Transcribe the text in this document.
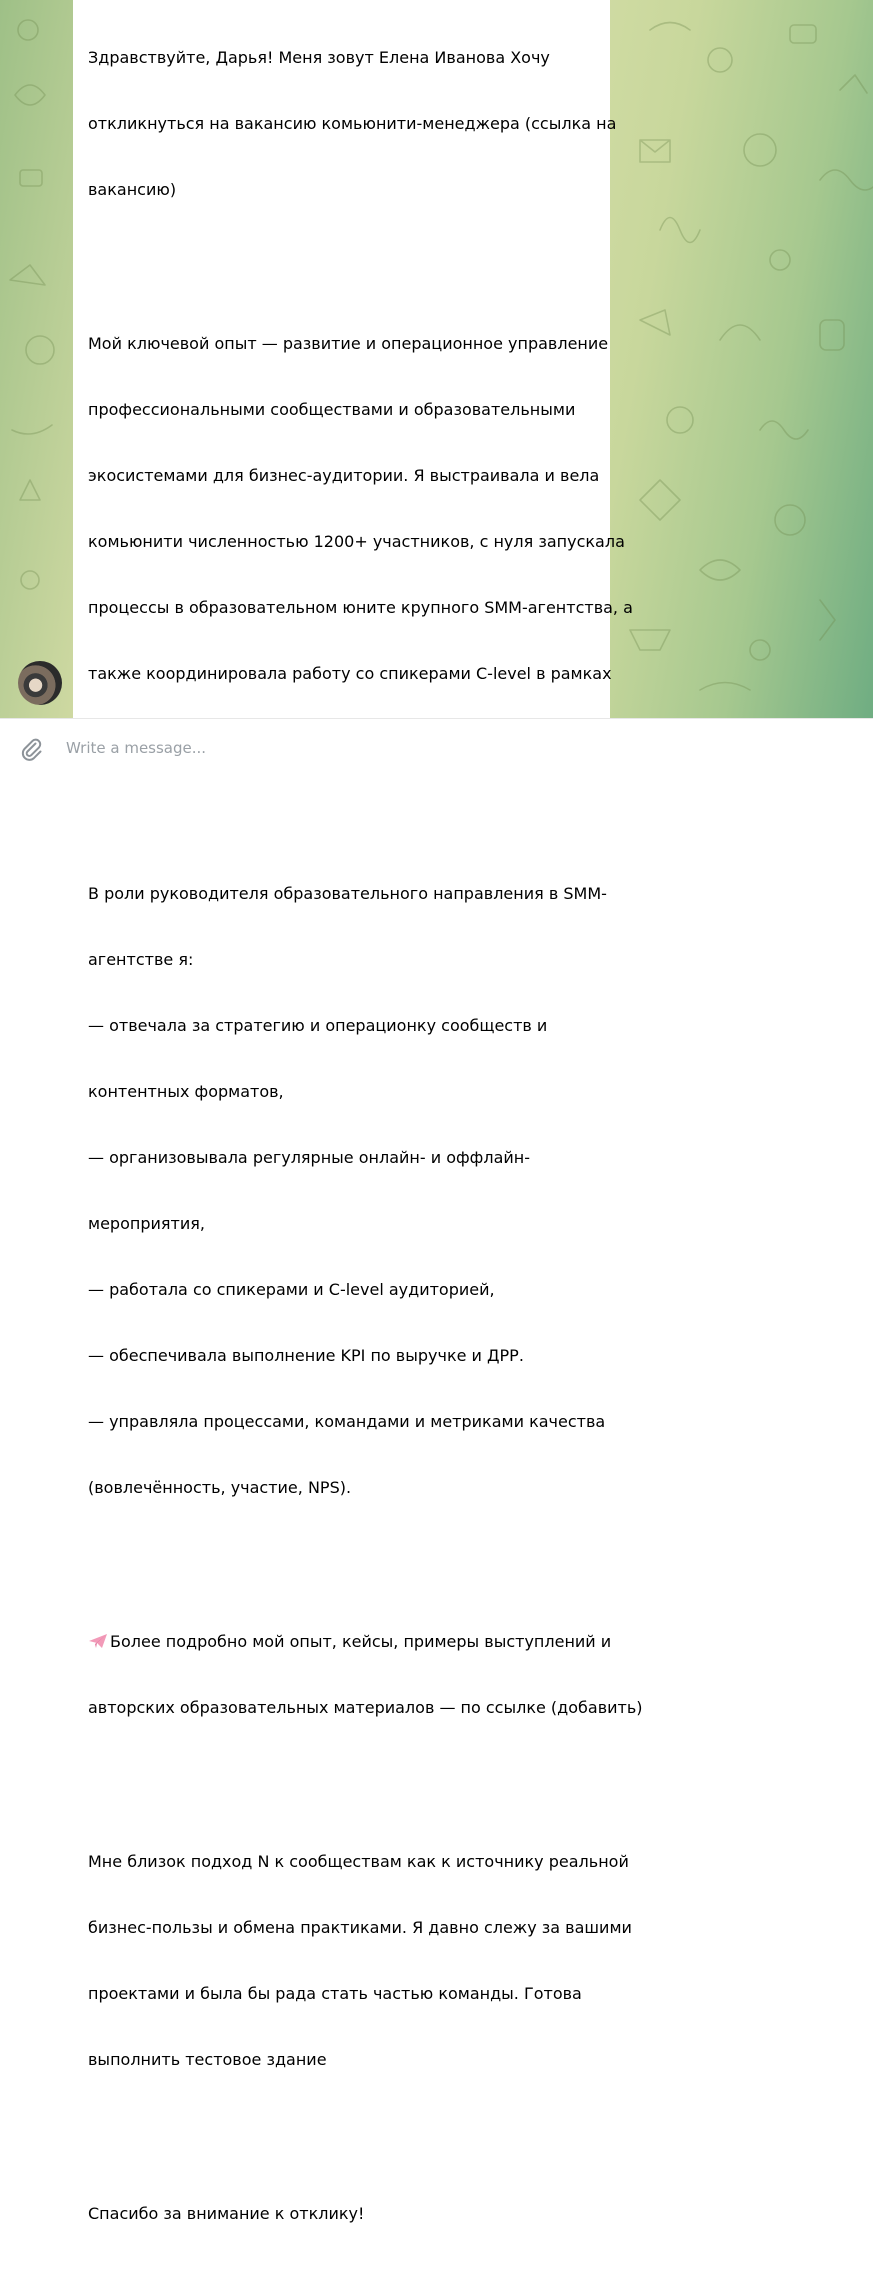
Здравствуйте, Дарья! Меня зовут Елена Иванова Хочу

откликнуться на вакансию комьюнити-менеджера (ссылка на

вакансию)

Мой ключевой опыт — развитие и операционное управление

профессиональными сообществами и образовательными

экосистемами для бизнес-аудитории. Я выстраивала и вела

комьюнити численностью 1200+ участников, с нуля запускала

процессы в образовательном юните крупного SMM-агентства, а

также координировала работу со спикерами C-level в рамках

В роли руководителя образовательного направления в SMM-

агентстве я:

— отвечала за стратегию и операционку сообществ и

контентных форматов,

— организовывала регулярные онлайн- и оффлайн-

мероприятия,

— работала со спикерами и C-level аудиторией,

— обеспечивала выполнение KPI по выручке и ДРР.

— управляла процессами, командами и метриками качества

(вовлечённость, участие, NPS).

Более подробно мой опыт, кейсы, примеры выступлений и

авторских образовательных материалов — по ссылке (добавить)

Мне близок подход N к сообществам как к источнику реальной

бизнес-пользы и обмена практиками. Я давно слежу за вашими

проектами и была бы рада стать частью команды. Готова

выполнить тестовое здание

Спасибо за внимание к отклику!

Write a message...
